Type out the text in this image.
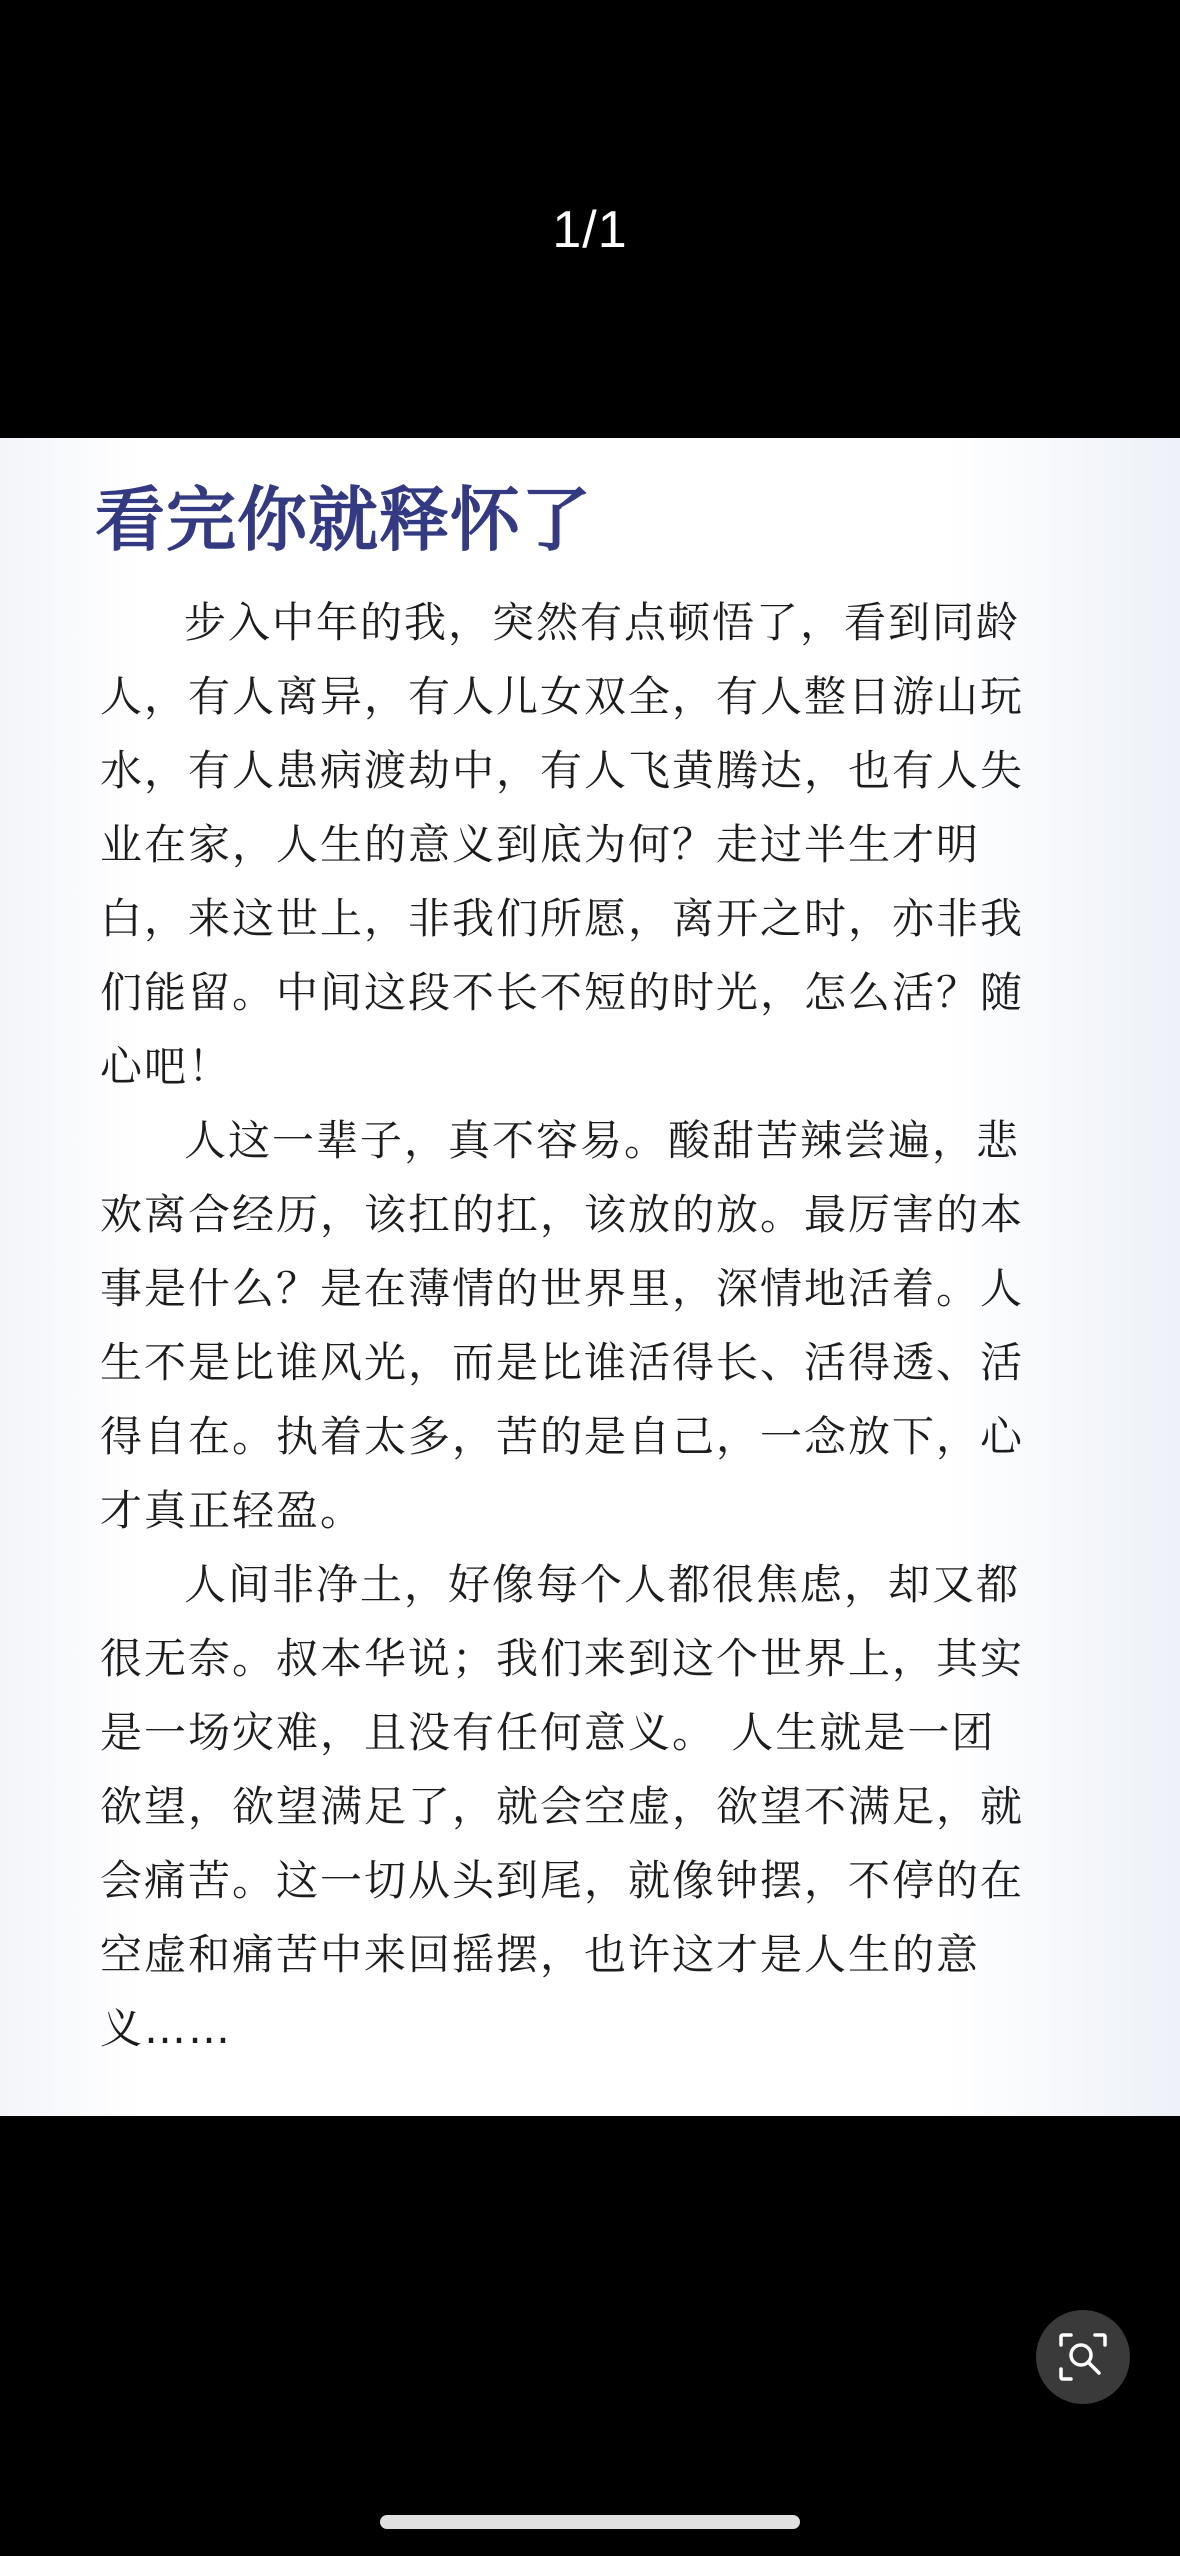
1/1
看完你就释怀了

步入中年的我，突然有点顿悟了，看到同龄人，有人离异，有人儿女双全，有人整日游山玩水，有人患病渡劫中，有人飞黄腾达，也有人失业在家，人生的意义到底为何？走过半生才明白，来这世上，非我们所愿，离开之时，亦非我们能留。中间这段不长不短的时光，怎么活？随心吧！

人这一辈子，真不容易。酸甜苦辣尝遍，悲欢离合经历，该扛的扛，该放的放。最厉害的本事是什么？是在薄情的世界里，深情地活着。人生不是比谁风光，而是比谁活得长、活得透、活得自在。执着太多，苦的是自己，一念放下，心才真正轻盈。

人间非净土，好像每个人都很焦虑，却又都很无奈。叔本华说；我们来到这个世界上，其实是一场灾难，且没有任何意义。 人生就是一团欲望，欲望满足了，就会空虚，欲望不满足，就会痛苦。这一切从头到尾，就像钟摆，不停的在空虚和痛苦中来回摇摆，也许这才是人生的意义……
